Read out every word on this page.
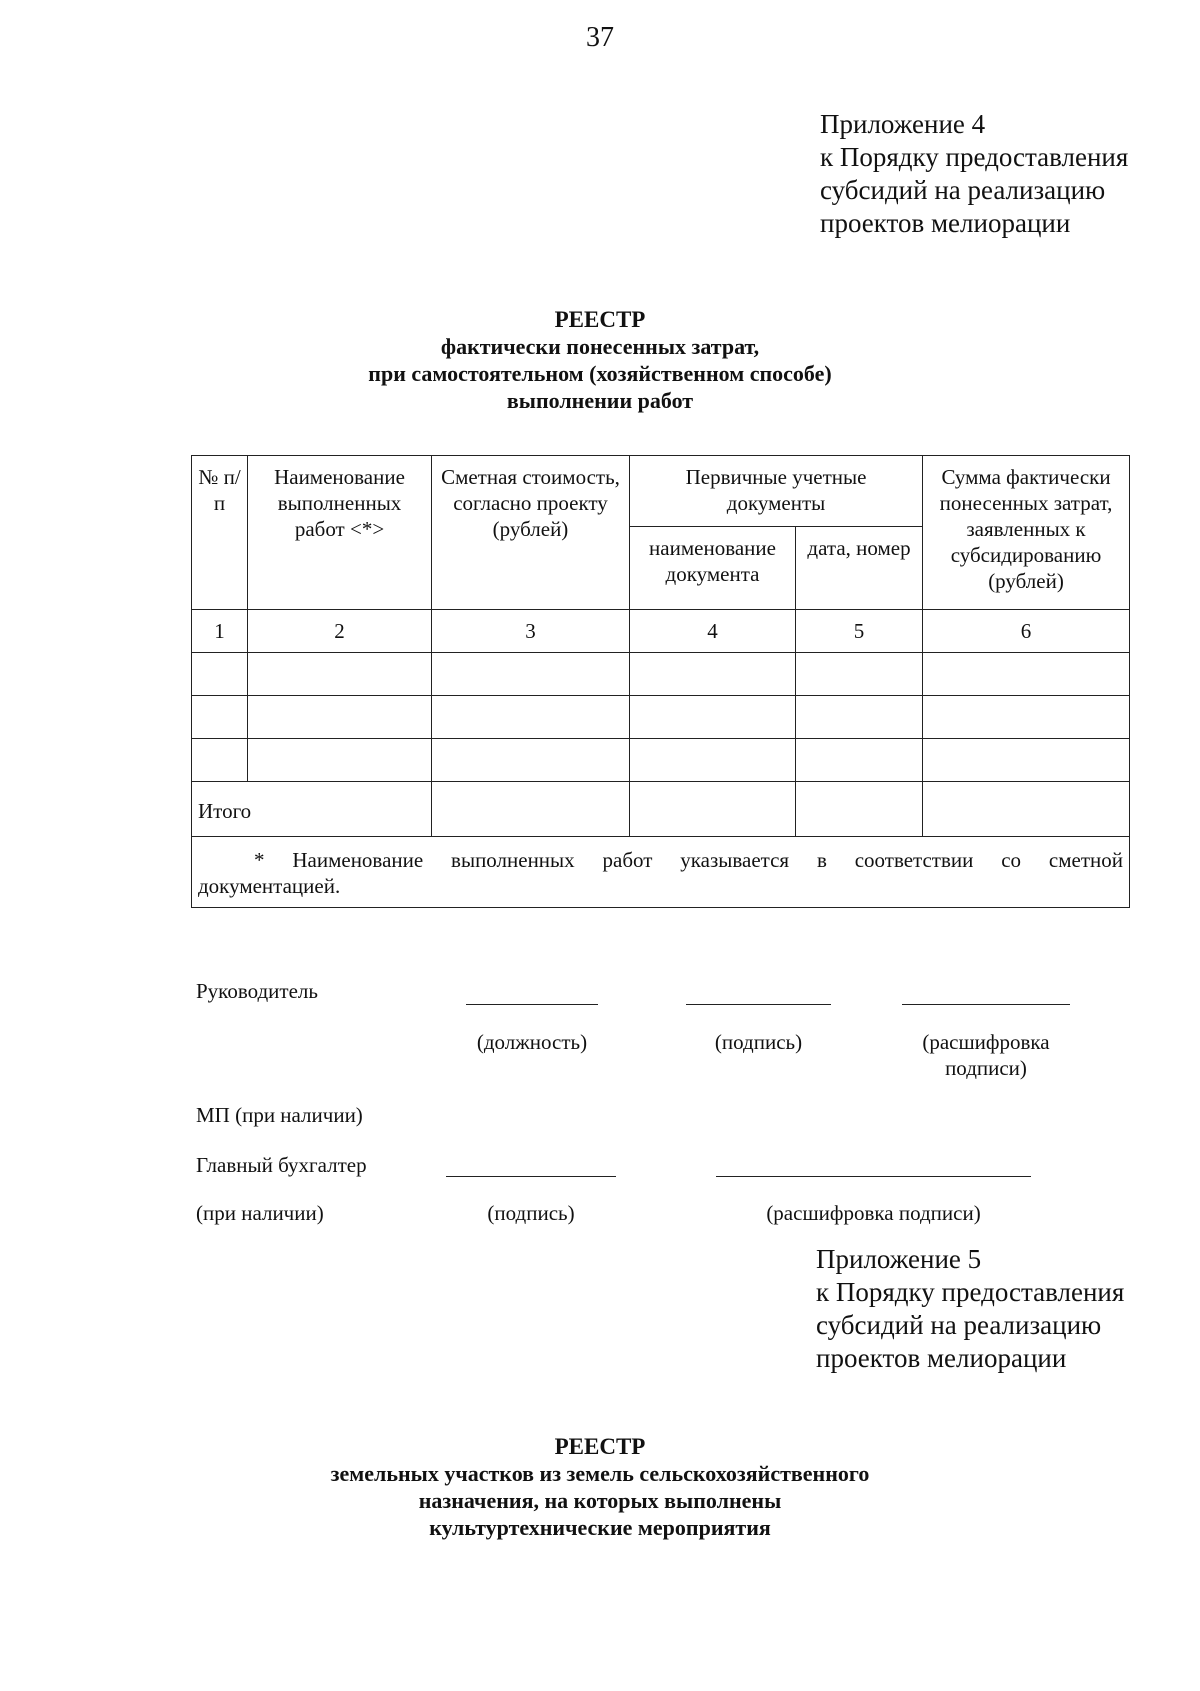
37
Приложение 4
к Порядку предоставления
субсидий на реализацию
проектов мелиорации
РЕЕСТР
фактически понесенных затрат,
при самостоятельном (хозяйственном способе)
выполнении работ
№ п/п	Наименование выполненных работ <*>	Сметная стоимость, согласно проекту (рублей)	Первичные учетные документы		Сумма фактически понесенных затрат, заявленных к субсидированию (рублей)
			наименование документа	дата, номер	
1	2	3	4	5	6

Итого					

* Наименование выполненных работ указывается в соответствии со сметной
документацией.					
Руководитель
(должность)	(подпись)	(расшифровка
подписи)
МП (при наличии)
Главный бухгалтер
(при наличии)	(подпись)	(расшифровка подписи)
Приложение 5
к Порядку предоставления
субсидий на реализацию
проектов мелиорации
РЕЕСТР
земельных участков из земель сельскохозяйственного
назначения, на которых выполнены
культуртехнические мероприятия
